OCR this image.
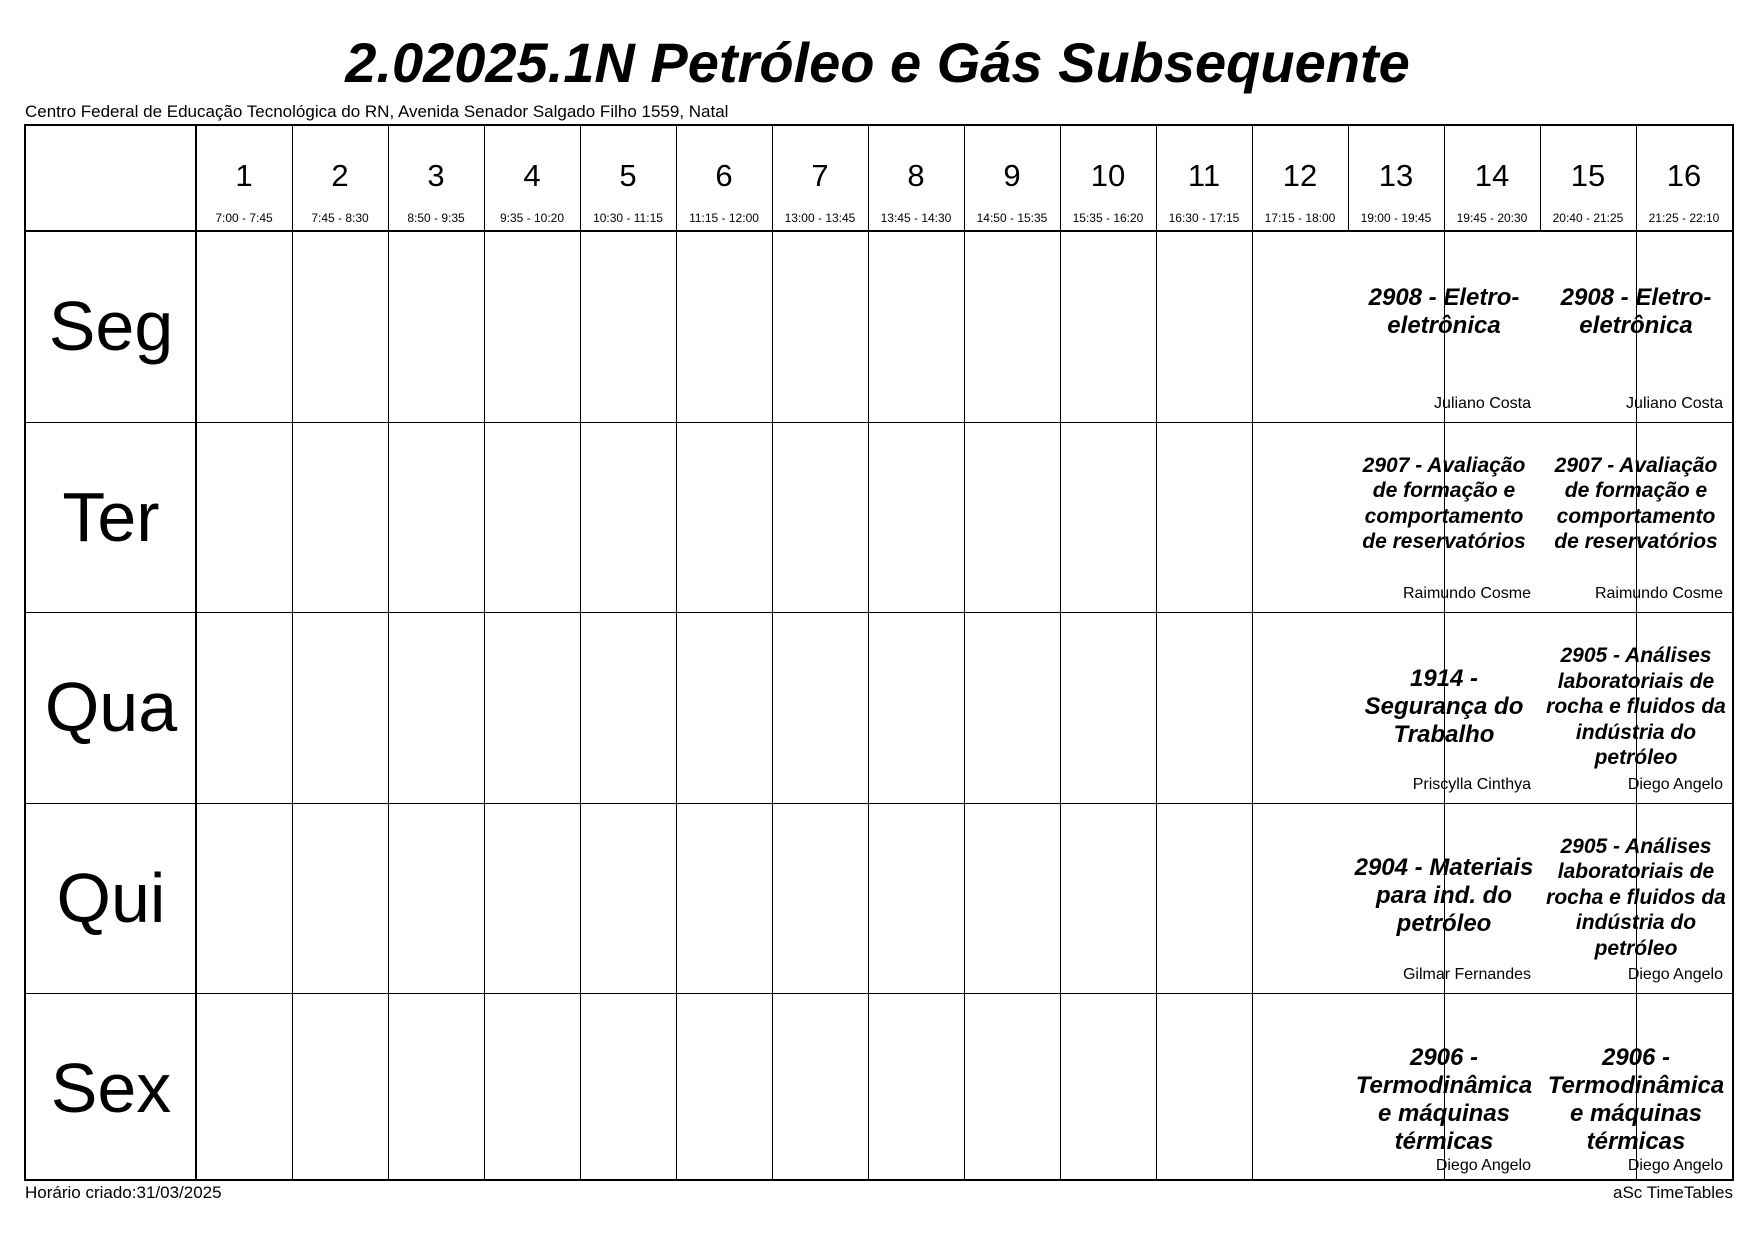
2.02025.1N Petróleo e Gás Subsequente
Centro Federal de Educação Tecnológica do RN, Avenida Senador Salgado Filho 1559, Natal
1
7:00 - 7:45
2
7:45 - 8:30
3
8:50 - 9:35
4
9:35 - 10:20
5
10:30 - 11:15
6
11:15 - 12:00
7
13:00 - 13:45
8
13:45 - 14:30
9
14:50 - 15:35
10
15:35 - 16:20
11
16:30 - 17:15
12
17:15 - 18:00
13
19:00 - 19:45
14
19:45 - 20:30
15
20:40 - 21:25
16
21:25 - 22:10
Seg
Ter
Qua
Qui
Sex
2908 - Eletro-eletrônica
Juliano Costa
2908 - Eletro-eletrônica
Juliano Costa
2907 - Avaliação de formação e comportamento de reservatórios
Raimundo Cosme
2907 - Avaliação de formação e comportamento de reservatórios
Raimundo Cosme
1914 - Segurança do Trabalho
Priscylla Cinthya
2905 - Análises laboratoriais de rocha e fluidos da indústria do petróleo
Diego Angelo
2904 - Materiais para ind. do petróleo
Gilmar Fernandes
2905 - Análises laboratoriais de rocha e fluidos da indústria do petróleo
Diego Angelo
2906 - Termodinâmica e máquinas térmicas
Diego Angelo
2906 - Termodinâmica e máquinas térmicas
Diego Angelo
Horário criado:31/03/2025	aSc TimeTables
